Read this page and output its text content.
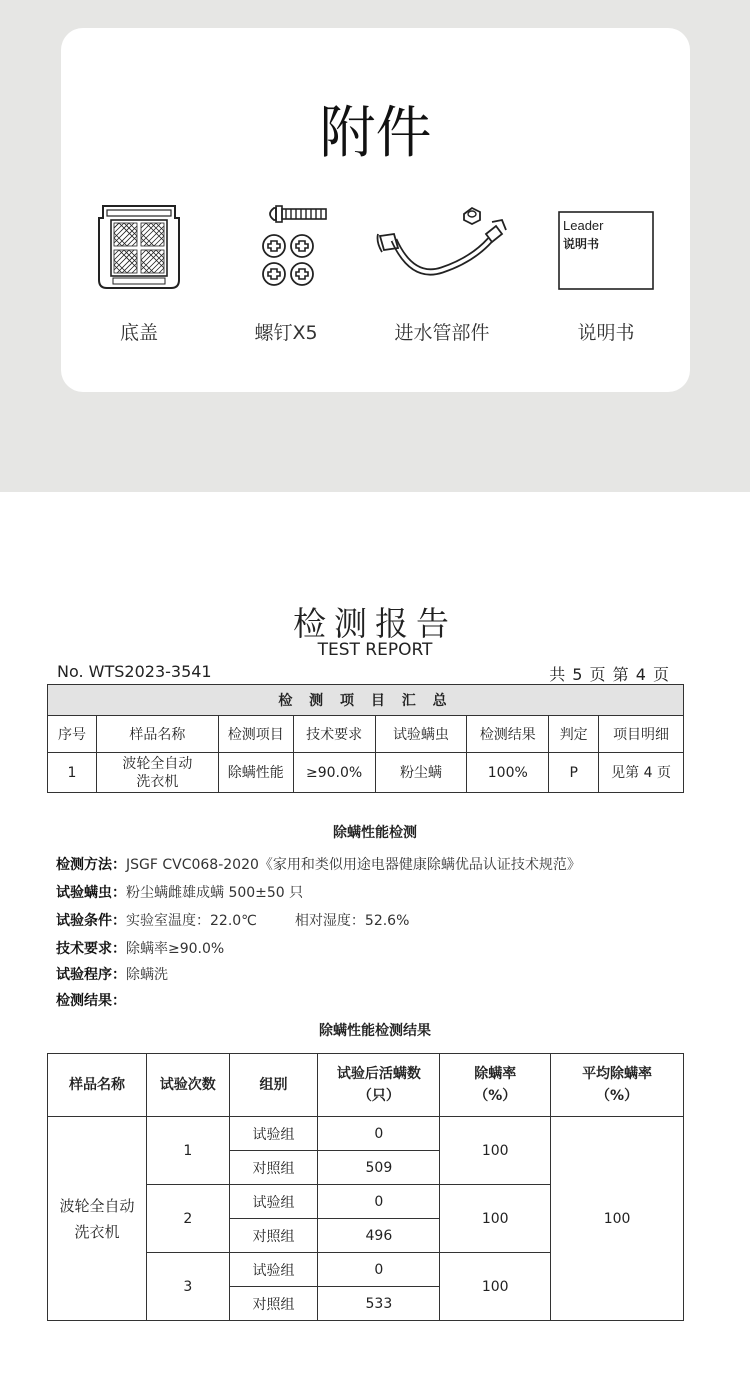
附件
底盖	螺钉X5	进水管部件
Leader
说明书
说明书
检测报告
TEST REPORT
No. WTS2023-3541	共 5 页 第 4 页
检 测 项 目 汇 总							
序号	样品名称	检测项目	技术要求	试验螨虫	检测结果	判定	项目明细
1	波轮全自动洗衣机	除螨性能	≥90.0%	粉尘螨	100%	P	见第 4 页
除螨性能检测
检测方法：JSGF CVC068-2020《家用和类似用途电器健康除螨优品认证技术规范》
试验螨虫：粉尘螨雌雄成螨 500±50 只
试验条件：实验室温度：22.0℃	相对湿度：52.6%
技术要求：除螨率≥90.0%
试验程序：除螨洗
检测结果：
除螨性能检测结果
样品名称	试验次数	组别	试验后活螨数（只）	除螨率（%）	平均除螨率（%）
波轮全自动洗衣机	1	试验组	0	100	100
		对照组	509		
	2	试验组	0	100	
		对照组	496		
	3	试验组	0	100	
		对照组	533		
